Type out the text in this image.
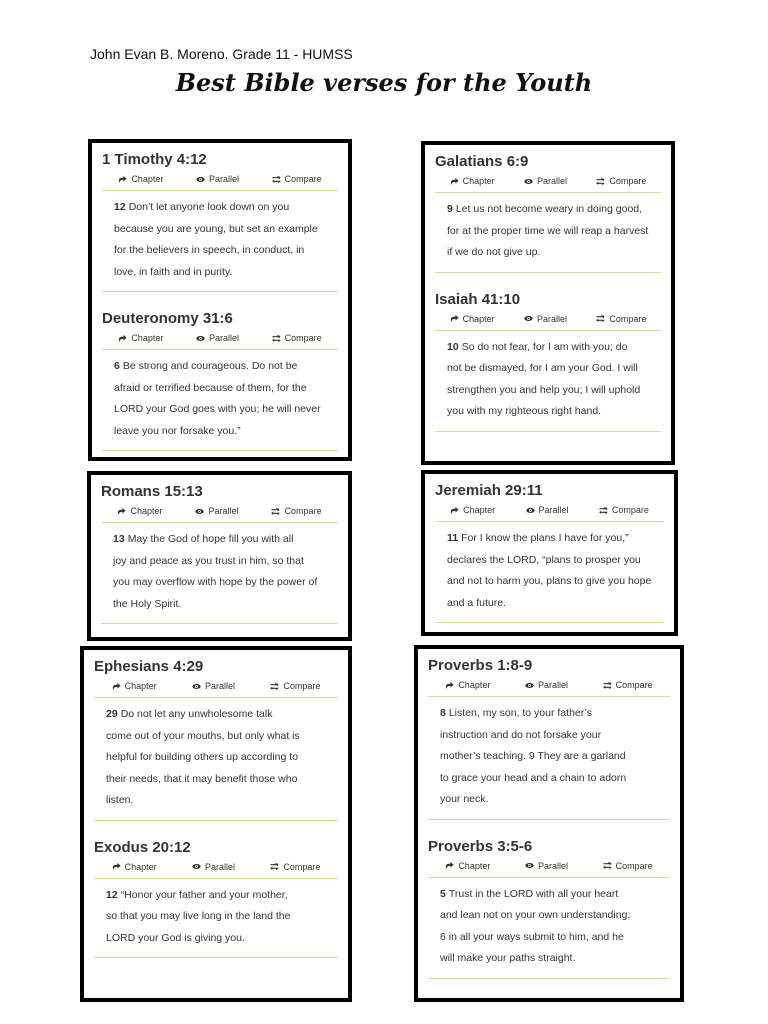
John Evan B. Moreno. Grade 11 - HUMSS
Best Bible verses for the Youth
1 Timothy 4:12
Chapter	Parallel	Compare
12 Don’t let anyone look down on you
because you are young, but set an example
for the believers in speech, in conduct, in
love, in faith and in purity.
Deuteronomy 31:6
Chapter	Parallel	Compare
6 Be strong and courageous. Do not be
afraid or terrified because of them, for the
LORD your God goes with you; he will never
leave you nor forsake you.”
Galatians 6:9
Chapter	Parallel	Compare
9 Let us not become weary in doing good,
for at the proper time we will reap a harvest
if we do not give up.
Isaiah 41:10
Chapter	Parallel	Compare
10 So do not fear, for I am with you; do
not be dismayed, for I am your God. I will
strengthen you and help you; I will uphold
you with my righteous right hand.
Romans 15:13
Chapter	Parallel	Compare
13 May the God of hope fill you with all
joy and peace as you trust in him, so that
you may overflow with hope by the power of
the Holy Spirit.
Jeremiah 29:11
Chapter	Parallel	Compare
11 For I know the plans I have for you,”
declares the LORD, “plans to prosper you
and not to harm you, plans to give you hope
and a future.
Ephesians 4:29
Chapter	Parallel	Compare
29 Do not let any unwholesome talk
come out of your mouths, but only what is
helpful for building others up according to
their needs, that it may benefit those who
listen.
Exodus 20:12
Chapter	Parallel	Compare
12 “Honor your father and your mother,
so that you may live long in the land the
LORD your God is giving you.
Proverbs 1:8-9
Chapter	Parallel	Compare
8 Listen, my son, to your father’s
instruction and do not forsake your
mother’s teaching. 9 They are a garland
to grace your head and a chain to adorn
your neck.
Proverbs 3:5-6
Chapter	Parallel	Compare
5 Trust in the LORD with all your heart
and lean not on your own understanding;
6 in all your ways submit to him, and he
will make your paths straight.
